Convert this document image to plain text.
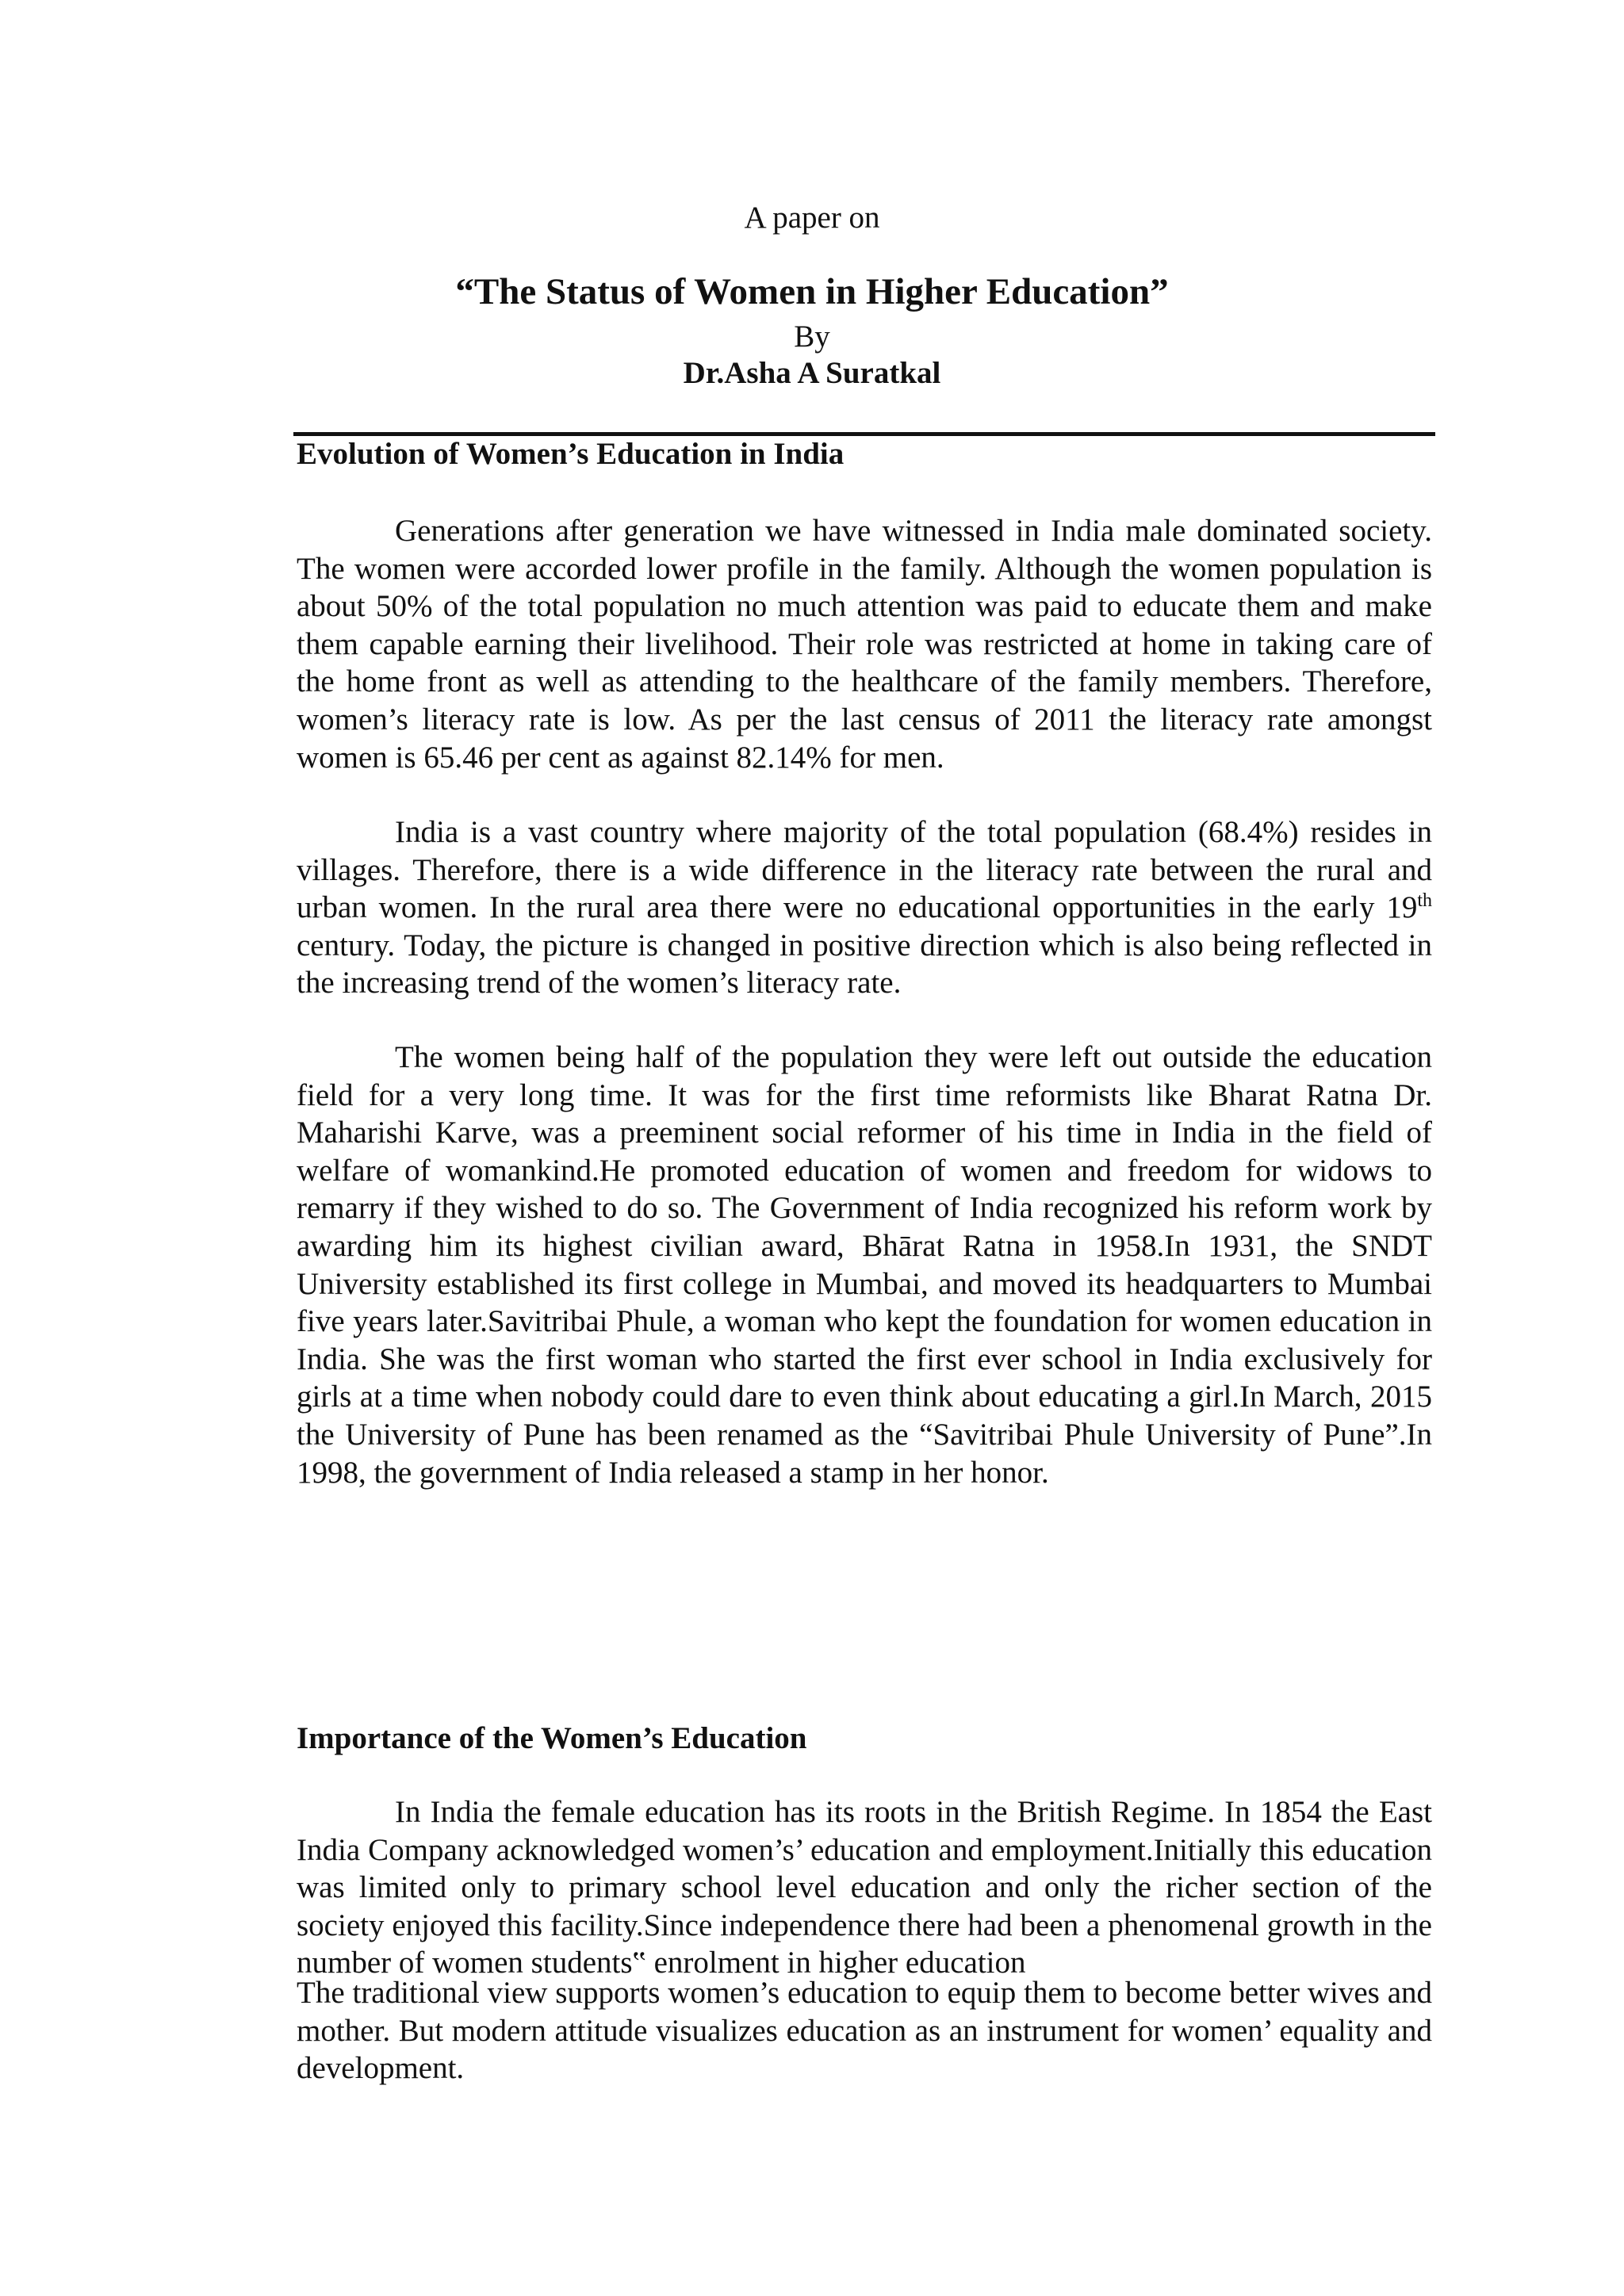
A paper on
“The Status of Women in Higher Education”
By
Dr.Asha A Suratkal
Evolution of Women’s Education in India

Generations after generation we have witnessed in India male dominated society. The women were accorded lower profile in the family. Although the women population is about 50% of the total population no much attention was paid to educate them and make them capable earning their livelihood. Their role was restricted at home in taking care of the home front as well as attending to the healthcare of the family members. Therefore, women’s literacy rate is low. As per the last census of 2011 the literacy rate amongst women is 65.46 per cent as against 82.14% for men.

India is a vast country where majority of the total population (68.4%) resides in villages. Therefore, there is a wide difference in the literacy rate between the rural and urban women. In the rural area there were no educational opportunities in the early 19th century. Today, the picture is changed in positive direction which is also being reflected in the increasing trend of the women’s literacy rate.

The women being half of the population they were left out outside the education field for a very long time. It was for the first time reformists like Bharat Ratna Dr. Maharishi Karve, was a preeminent social reformer of his time in India in the field of welfare of womankind.He promoted education of women and freedom for widows to remarry if they wished to do so. The Government of India recognized his reform work by awarding him its highest civilian award, Bhārat Ratna in 1958.In 1931, the SNDT University established its first college in Mumbai, and moved its headquarters to Mumbai five years later.Savitribai Phule, a woman who kept the foundation for women education in India. She was the first woman who started the first ever school in India exclusively for girls at a time when nobody could dare to even think about educating a girl.In March, 2015 the University of Pune has been renamed as the “Savitribai Phule University of Pune”.In 1998, the government of India released a stamp in her honor.

Importance of the Women’s Education

In India the female education has its roots in the British Regime. In 1854 the East India Company acknowledged women’s’ education and employment.Initially this education was limited only to primary school level education and only the richer section of the society enjoyed this facility.Since independence there had been a phenomenal growth in the number of women students‟ enrolment in higher education

The traditional view supports women’s education to equip them to become better wives and mother. But modern attitude visualizes education as an instrument for women’ equality and development.
